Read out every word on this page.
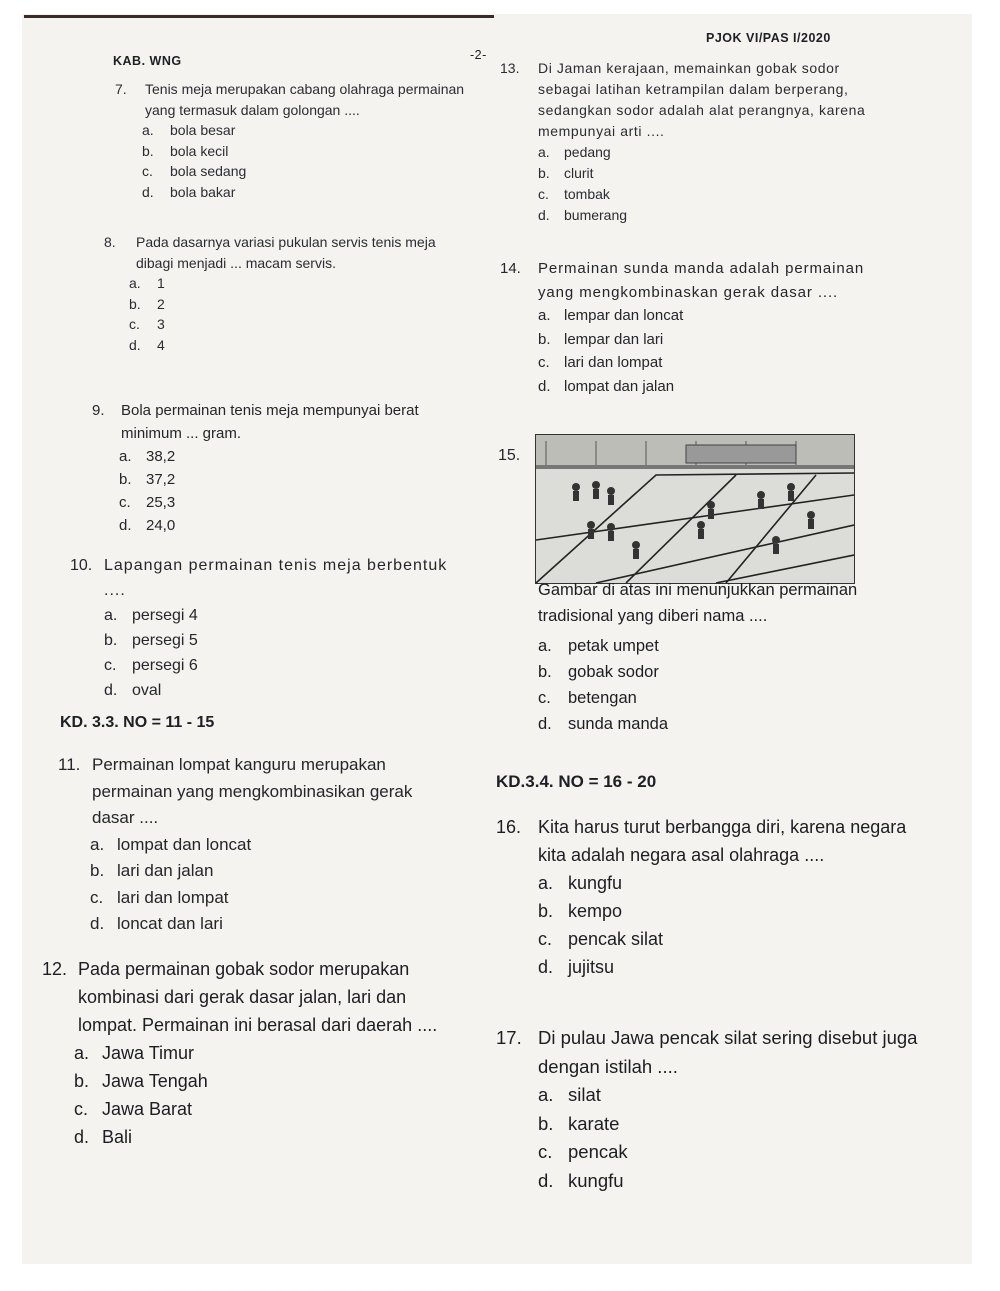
KAB. WNG	-2-
PJOK VI/PAS I/2020
7.	Tenis meja merupakan cabang olahraga permainan yang termasuk dalam golongan ....
a. bola besar
b. bola kecil
c. bola sedang
d. bola bakar
8.	Pada dasarnya variasi pukulan servis tenis meja dibagi menjadi ... macam servis.
a. 1
b. 2
c. 3
d. 4
9.	Bola permainan tenis meja mempunyai berat minimum ... gram.
a. 38,2
b. 37,2
c. 25,3
d. 24,0
10. Lapangan permainan tenis meja berbentuk ....
a. persegi 4
b. persegi 5
c. persegi 6
d. oval
KD. 3.3. NO = 11 - 15
11. Permainan lompat kanguru merupakan permainan yang mengkombinasikan gerak dasar ....
a. lompat dan loncat
b. lari dan jalan
c. lari dan lompat
d. loncat dan lari
12. Pada permainan gobak sodor merupakan kombinasi dari gerak dasar jalan, lari dan lompat. Permainan ini berasal dari daerah ....
a. Jawa Timur
b. Jawa Tengah
c. Jawa Barat
d. Bali
13.	Di Jaman kerajaan, memainkan gobak sodor sebagai latihan ketrampilan dalam berperang, sedangkan sodor adalah alat perangnya, karena mempunyai arti ....
a. pedang
b. clurit
c. tombak
d. bumerang
14.	Permainan sunda manda adalah permainan yang mengkombinaskan gerak dasar ....
a. lempar dan loncat
b. lempar dan lari
c. lari dan lompat
d. lompat dan jalan
15.
Gambar di atas ini menunjukkan permainan tradisional yang diberi nama ....
a. petak umpet
b. gobak sodor
c. betengan
d. sunda manda
KD.3.4. NO = 16 - 20
16. Kita harus turut berbangga diri, karena negara kita adalah negara asal olahraga ....
a. kungfu
b. kempo
c. pencak silat
d. jujitsu
17. Di pulau Jawa pencak silat sering disebut juga dengan istilah ....
a. silat
b. karate
c. pencak
d. kungfu
